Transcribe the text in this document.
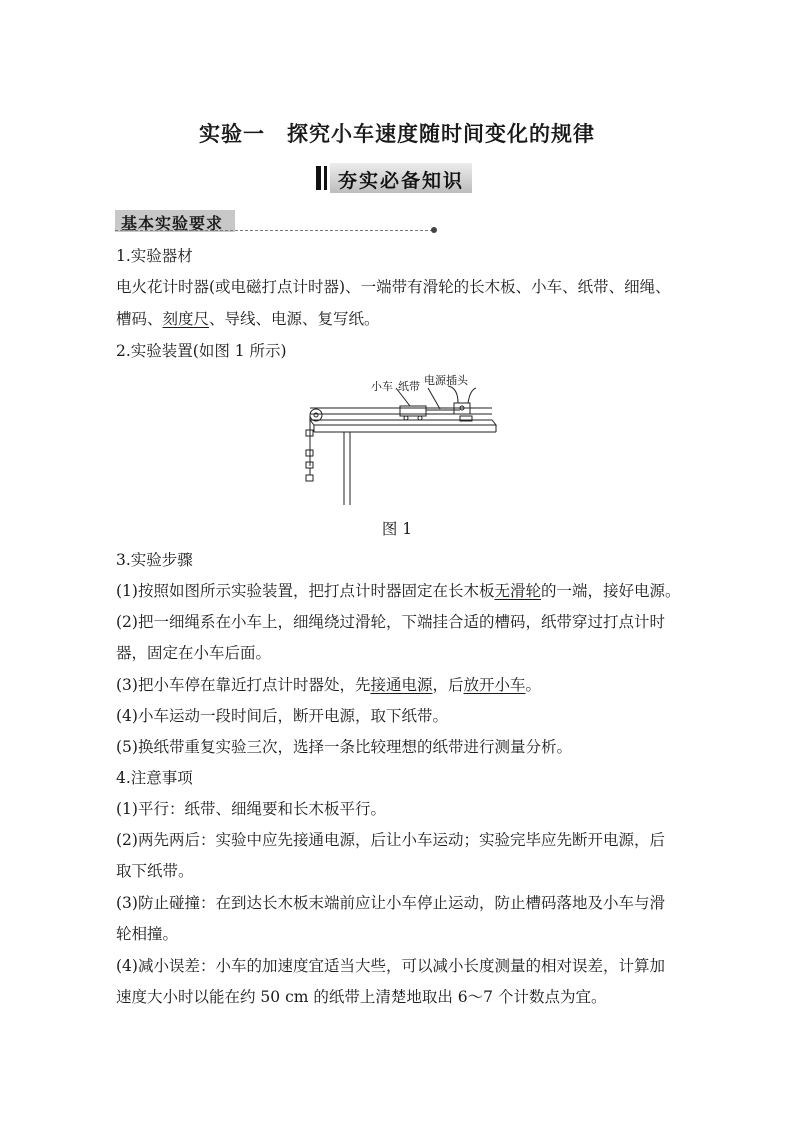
实验一　探究小车速度随时间变化的规律
夯实必备知识
基本实验要求
1.实验器材
电火花计时器(或电磁打点计时器)、一端带有滑轮的长木板、小车、纸带、细绳、
槽码、刻度尺、导线、电源、复写纸。
2.实验装置(如图 1 所示)
小车 纸带 电源插头
图 1
3.实验步骤
(1)按照如图所示实验装置，把打点计时器固定在长木板无滑轮的一端，接好电源。
(2)把一细绳系在小车上，细绳绕过滑轮，下端挂合适的槽码，纸带穿过打点计时
器，固定在小车后面。
(3)把小车停在靠近打点计时器处，先接通电源，后放开小车。
(4)小车运动一段时间后，断开电源，取下纸带。
(5)换纸带重复实验三次，选择一条比较理想的纸带进行测量分析。
4.注意事项
(1)平行：纸带、细绳要和长木板平行。
(2)两先两后：实验中应先接通电源，后让小车运动；实验完毕应先断开电源，后
取下纸带。
(3)防止碰撞：在到达长木板末端前应让小车停止运动，防止槽码落地及小车与滑
轮相撞。
(4)减小误差：小车的加速度宜适当大些，可以减小长度测量的相对误差，计算加
速度大小时以能在约 50 cm 的纸带上清楚地取出 6～7 个计数点为宜。
